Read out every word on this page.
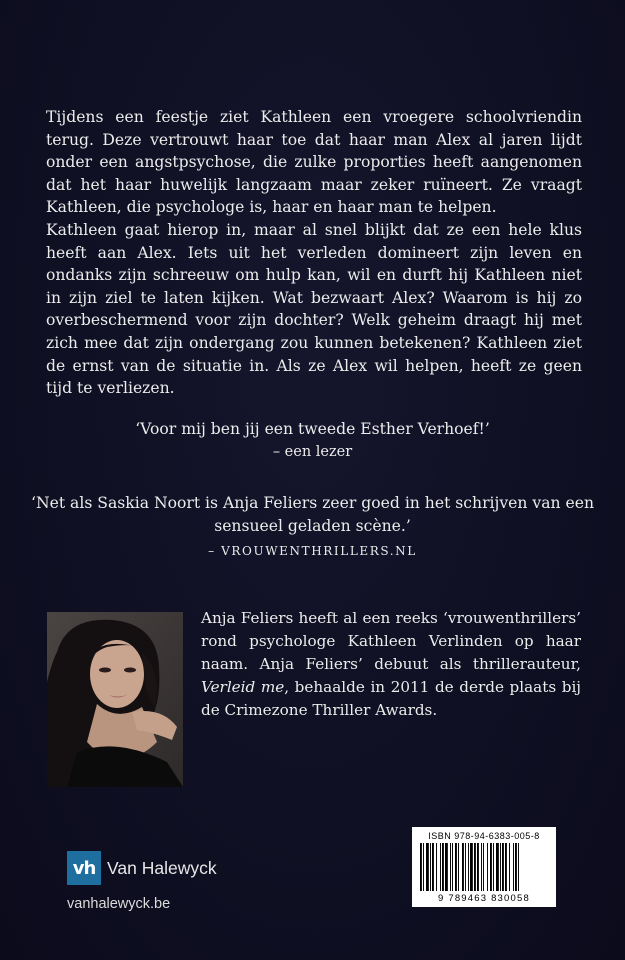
Tijdens een feestje ziet Kathleen een vroegere schoolvriendin terug. Deze vertrouwt haar toe dat haar man Alex al jaren lijdt onder een angstpsychose, die zulke proporties heeft aangenomen dat het haar huwelijk langzaam maar zeker ruïneert. Ze vraagt Kathleen, die psychologe is, haar en haar man te helpen.

Kathleen gaat hierop in, maar al snel blijkt dat ze een hele klus heeft aan Alex. Iets uit het verleden domineert zijn leven en ondanks zijn schreeuw om hulp kan, wil en durft hij Kathleen niet in zijn ziel te laten kijken. Wat bezwaart Alex? Waarom is hij zo overbeschermend voor zijn dochter? Welk geheim draagt hij met zich mee dat zijn ondergang zou kunnen betekenen? Kathleen ziet de ernst van de situatie in. Als ze Alex wil helpen, heeft ze geen tijd te verliezen.

‘Voor mij ben jij een tweede Esther Verhoef!’
– een lezer
‘Net als Saskia Noort is Anja Feliers zeer goed in het schrijven van een sensueel geladen scène.’
– VROUWENTHRILLERS.NL

Anja Feliers heeft al een reeks ‘vrouwenthrillers’ rond psychologe Kathleen Verlinden op haar naam. Anja Feliers’ debuut als thrillerauteur, Verleid me, behaalde in 2011 de derde plaats bij de Crimezone Thriller Awards.

vh Van Halewyck
vanhalewyck.be
ISBN 978-94-6383-005-8
9 789463 830058
